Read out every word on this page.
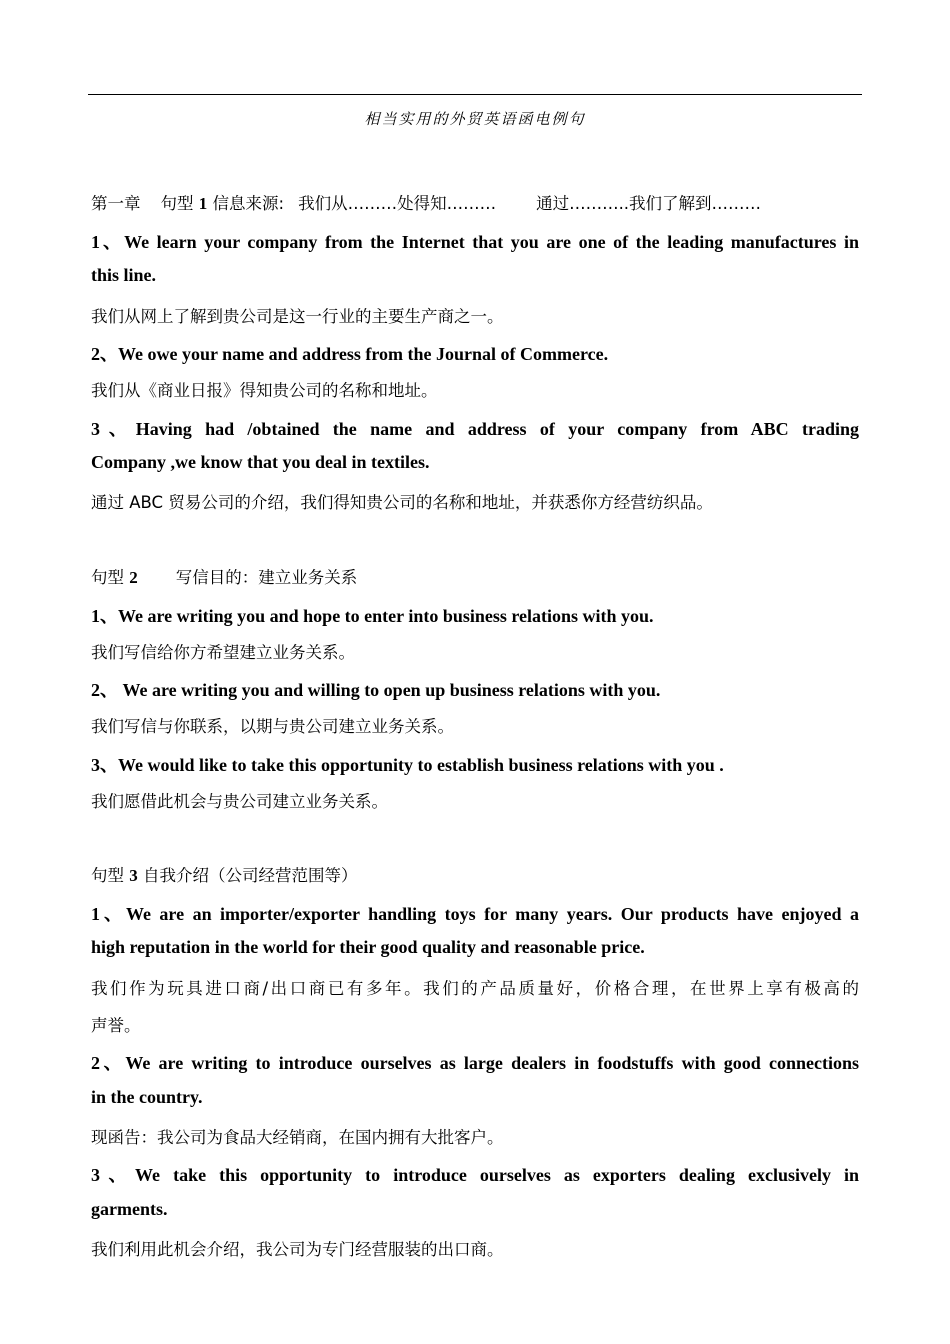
相当实用的外贸英语函电例句
第一章 句型 1 信息来源: 我们从………处得知……… 通过………..我们了解到………
1、We learn your company from the Internet that you are one of the leading manufactures in
this line.
我们从网上了解到贵公司是这一行业的主要生产商之一。
2、We owe your name and address from the Journal of Commerce.
我们从《商业日报》得知贵公司的名称和地址。
3、Having had /obtained the name and address of your company from ABC trading
Company ,we know that you deal in textiles.
通过 ABC 贸易公司的介绍，我们得知贵公司的名称和地址，并获悉你方经营纺织品。
句型 2 写信目的：建立业务关系
1、We are writing you and hope to enter into business relations with you.
我们写信给你方希望建立业务关系。
2、 We are writing you and willing to open up business relations with you.
我们写信与你联系，以期与贵公司建立业务关系。
3、We would like to take this opportunity to establish business relations with you .
我们愿借此机会与贵公司建立业务关系。
句型 3 自我介绍（公司经营范围等）
1、We are an importer/exporter handling toys for many years. Our products have enjoyed a
high reputation in the world for their good quality and reasonable price.
我们作为玩具进口商/出口商已有多年。我们的产品质量好，价格合理，在世界上享有极高的
声誉。
2、We are writing to introduce ourselves as large dealers in foodstuffs with good connections
in the country.
现函告：我公司为食品大经销商，在国内拥有大批客户。
3、We take this opportunity to introduce ourselves as exporters dealing exclusively in
garments.
我们利用此机会介绍，我公司为专门经营服装的出口商。
